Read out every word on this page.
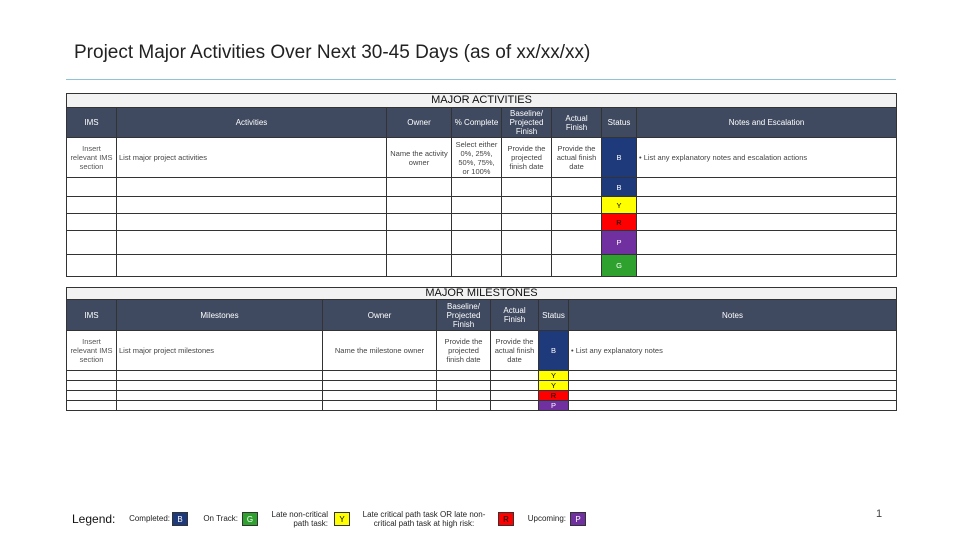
Project Major Activities Over Next 30-45 Days (as of xx/xx/xx)
MAJOR ACTIVITIES							
IMS	Activities	Owner	% Complete	Baseline/ Projected Finish	Actual Finish	Status	Notes and Escalation
Insert relevant IMS section	List major project activities	Name the activity owner	Select either 0%, 25%, 50%, 75%, or 100%	Provide the projected finish date	Provide the actual finish date	B	• List any explanatory notes and escalation actions
						B	
						Y	
						R	
						P	
						G	
MAJOR MILESTONES						
IMS	Milestones	Owner	Baseline/ Projected Finish	Actual Finish	Status	Notes
Insert relevant IMS section	List major project milestones	Name the milestone owner	Provide the projected finish date	Provide the actual finish date	B	• List any explanatory notes
					Y	
					Y	
					R	
					P	
Legend:	Completed: B	On Track:	G
Late non-critical path task:	Y
Late critical path task OR late non-critical path task at high risk:	R	Upcoming:	P	1
